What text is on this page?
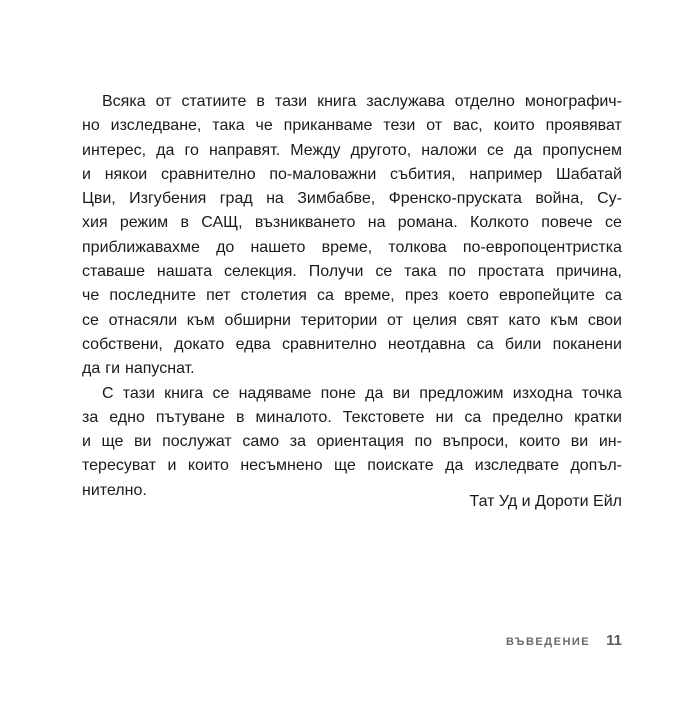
Всяка от статиите в тази книга заслужава отделно монографич-
но изследване, така че приканваме тези от вас, които проявяват
интерес, да го направят. Между другото, наложи се да пропуснем
и някои сравнително по-маловажни събития, например Шабатай
Цви, Изгубения град на Зимбабве, Френско-пруската война, Су-
хия режим в САЩ, възникването на романа. Колкото повече се
приближавахме до нашето време, толкова по-европоцентристка
ставаше нашата селекция. Получи се така по простата причина,
че последните пет столетия са време, през което европейците са
се отнасяли към обширни територии от целия свят като към свои
собствени, докато едва сравнително неотдавна са били поканени
да ги напуснат.
С тази книга се надяваме поне да ви предложим изходна точка
за едно пътуване в миналото. Текстовете ни са пределно кратки
и ще ви послужат само за ориентация по въпроси, които ви ин-
тересуват и които несъмнено ще поискате да изследвате допъл-
нително.
Тат Уд и Дороти Ейл
ВЪВЕДЕНИЕ 11
